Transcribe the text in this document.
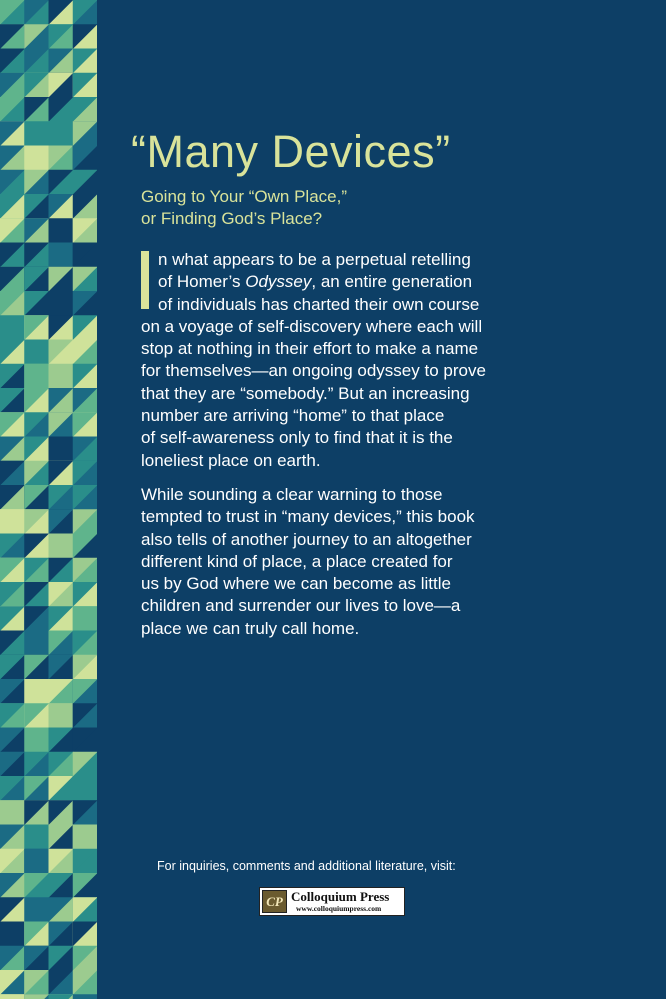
“Many Devices”

Going to Your “Own Place,”
or Finding God’s Place?

n what appears to be a perpetual retelling
of Homer’s Odyssey, an entire generation
of individuals has charted their own course
on a voyage of self-discovery where each will
stop at nothing in their effort to make a name
for themselves—an ongoing odyssey to prove
that they are “somebody.” But an increasing
number are arriving “home” to that place
of self-awareness only to find that it is the
loneliest place on earth.

While sounding a clear warning to those
tempted to trust in “many devices,” this book
also tells of another journey to an altogether
different kind of place, a place created for
us by God where we can become as little
children and surrender our lives to love—a
place we can truly call home.

For inquiries, comments and additional literature, visit:
CP Colloquium Press
www.colloquiumpress.com
